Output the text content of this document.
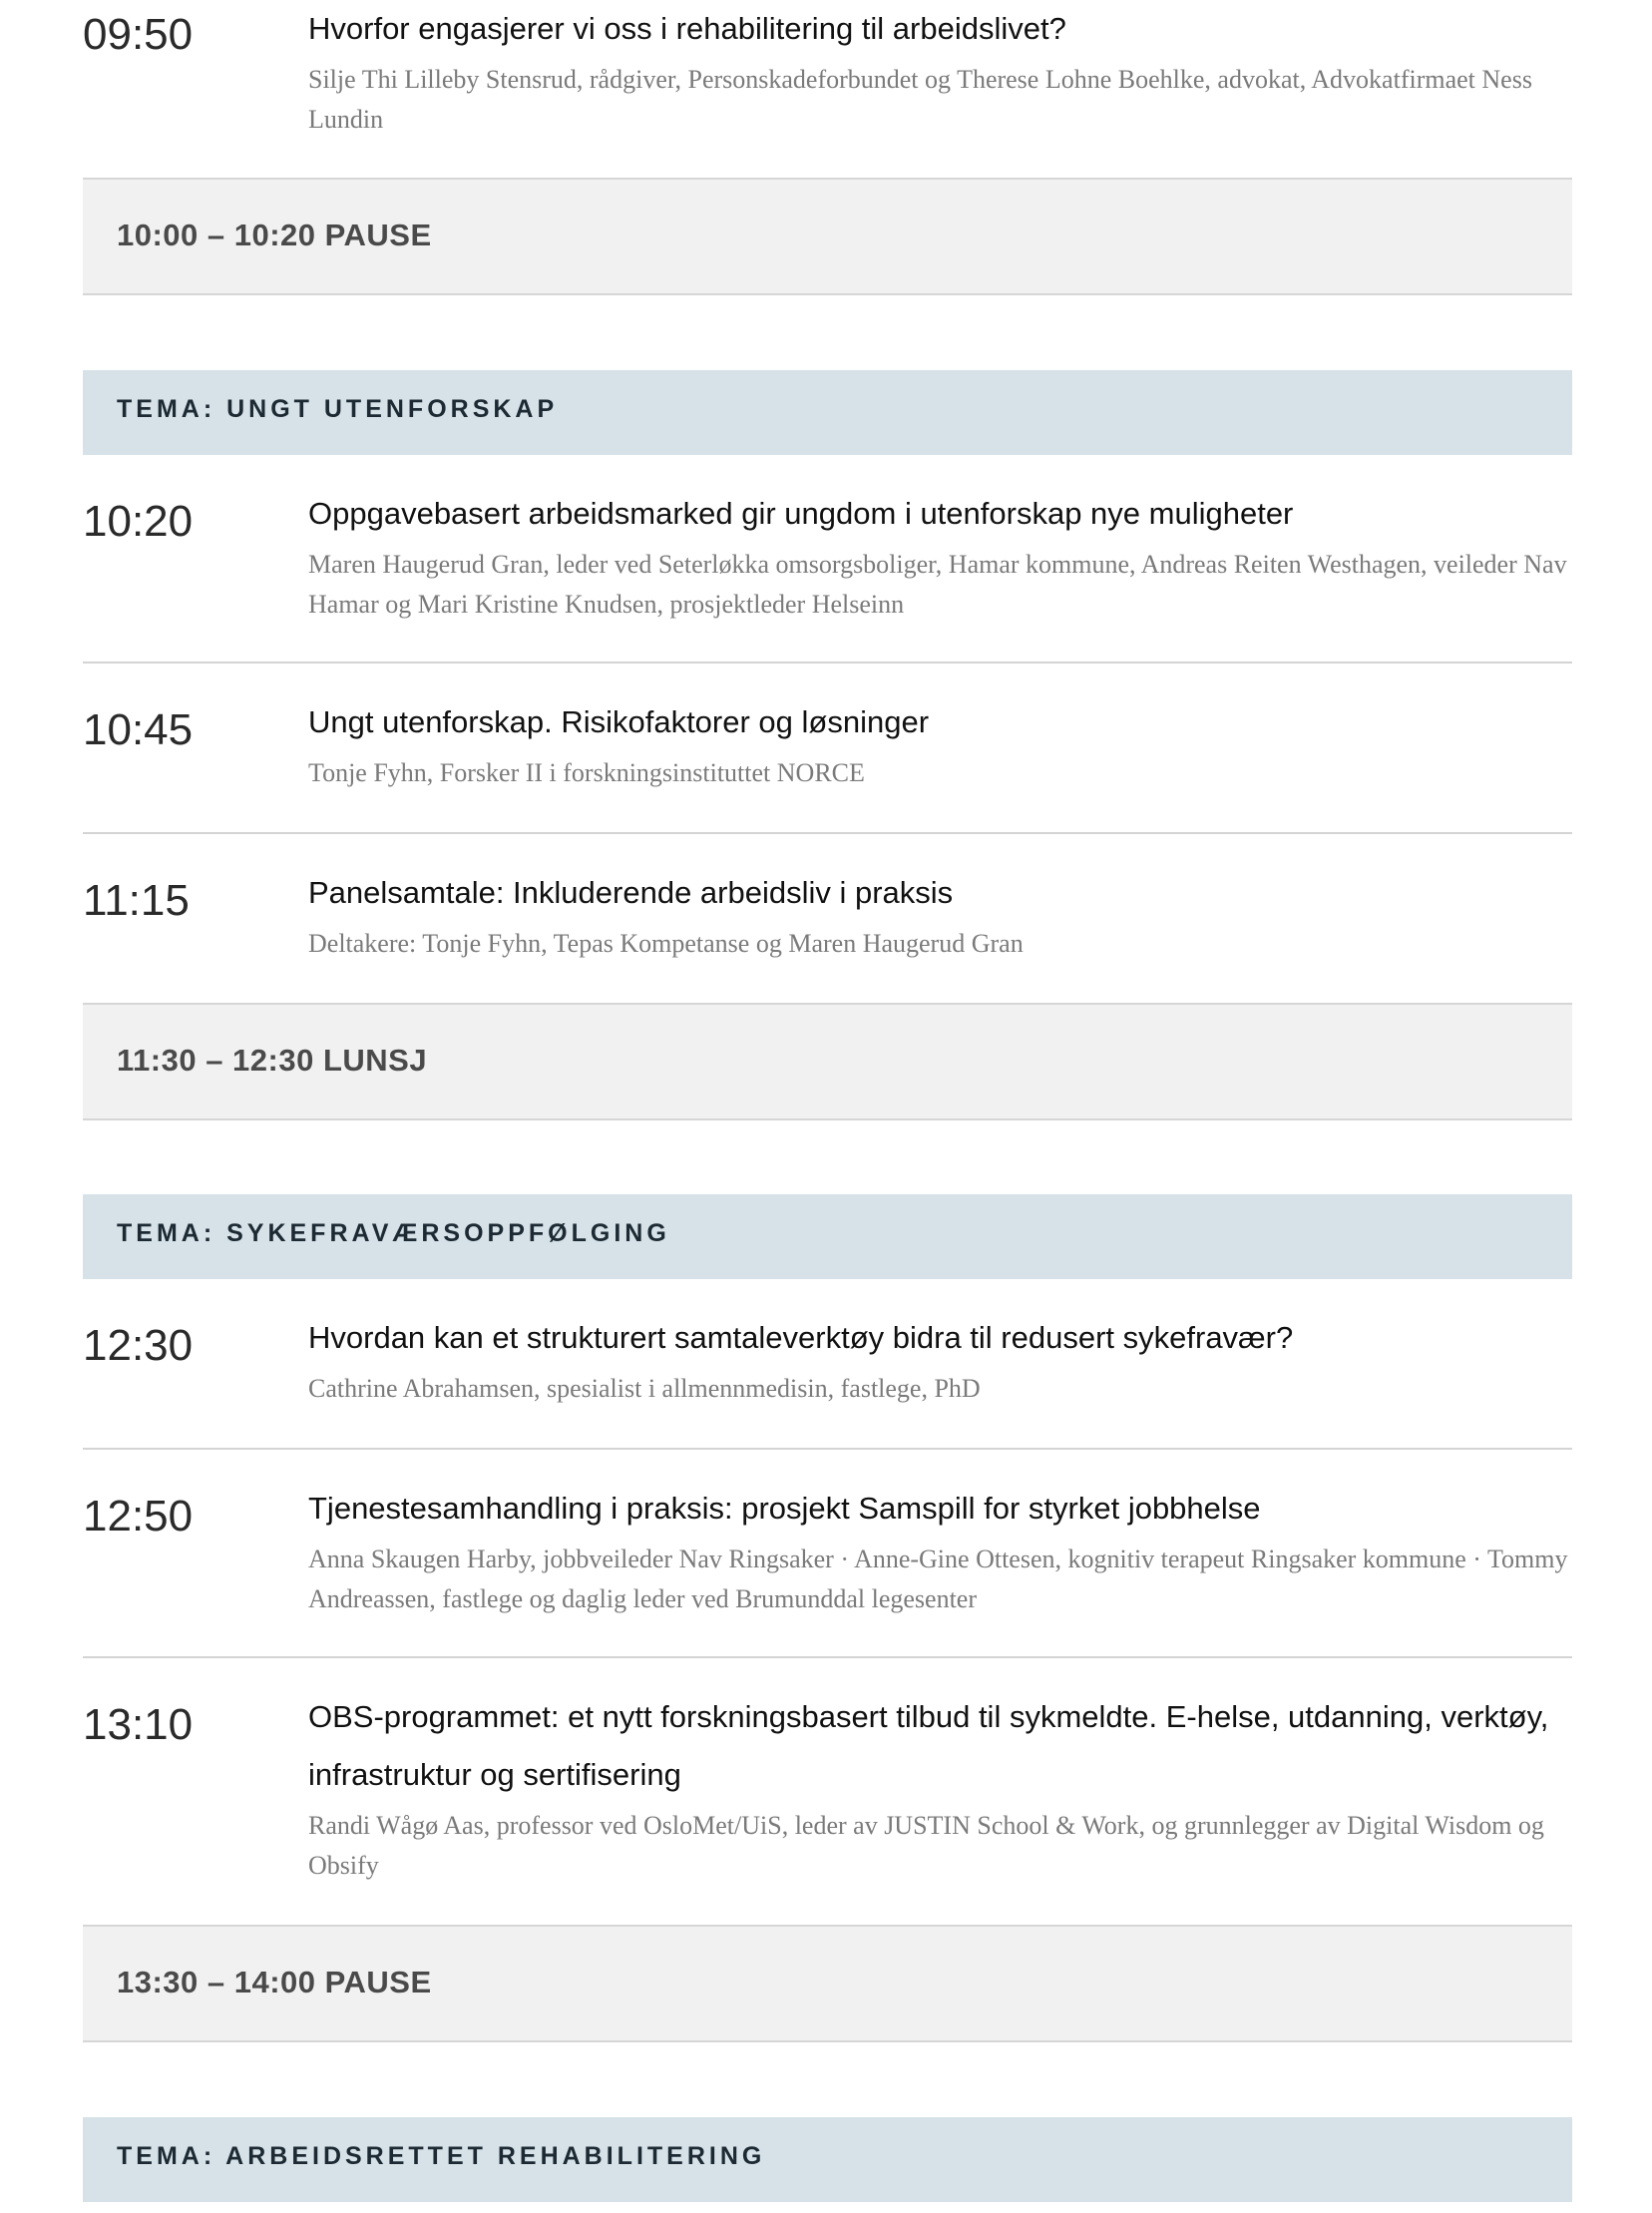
09:50	Hvorfor engasjerer vi oss i rehabilitering til arbeidslivet?

Silje Thi Lilleby Stensrud, rådgiver, Personskadeforbundet og Therese Lohne Boehlke, advokat, Advokatfirmaet Ness Lundin

10:00 – 10:20 PAUSE
TEMA: UNGT UTENFORSKAP
10:20	Oppgavebasert arbeidsmarked gir ungdom i utenforskap nye muligheter

Maren Haugerud Gran, leder ved Seterløkka omsorgsboliger, Hamar kommune, Andreas Reiten Westhagen, veileder Nav Hamar og Mari Kristine Knudsen, prosjektleder Helseinn

10:45	Ungt utenforskap. Risikofaktorer og løsninger

Tonje Fyhn, Forsker II i forskningsinstituttet NORCE

11:15	Panelsamtale: Inkluderende arbeidsliv i praksis

Deltakere: Tonje Fyhn, Tepas Kompetanse og Maren Haugerud Gran

11:30 – 12:30 LUNSJ
TEMA: SYKEFRAVÆRSOPPFØLGING
12:30	Hvordan kan et strukturert samtaleverktøy bidra til redusert sykefravær?

Cathrine Abrahamsen, spesialist i allmennmedisin, fastlege, PhD

12:50	Tjenestesamhandling i praksis: prosjekt Samspill for styrket jobbhelse

Anna Skaugen Harby, jobbveileder Nav Ringsaker · Anne-Gine Ottesen, kognitiv terapeut Ringsaker kommune · Tommy Andreassen, fastlege og daglig leder ved Brumunddal legesenter

13:10	OBS-programmet: et nytt forskningsbasert tilbud til sykmeldte. E-helse, utdanning, verktøy, infrastruktur og sertifisering

Randi Wågø Aas, professor ved OsloMet/UiS, leder av JUSTIN School & Work, og grunnlegger av Digital Wisdom og Obsify

13:30 – 14:00 PAUSE
TEMA: ARBEIDSRETTET REHABILITERING
